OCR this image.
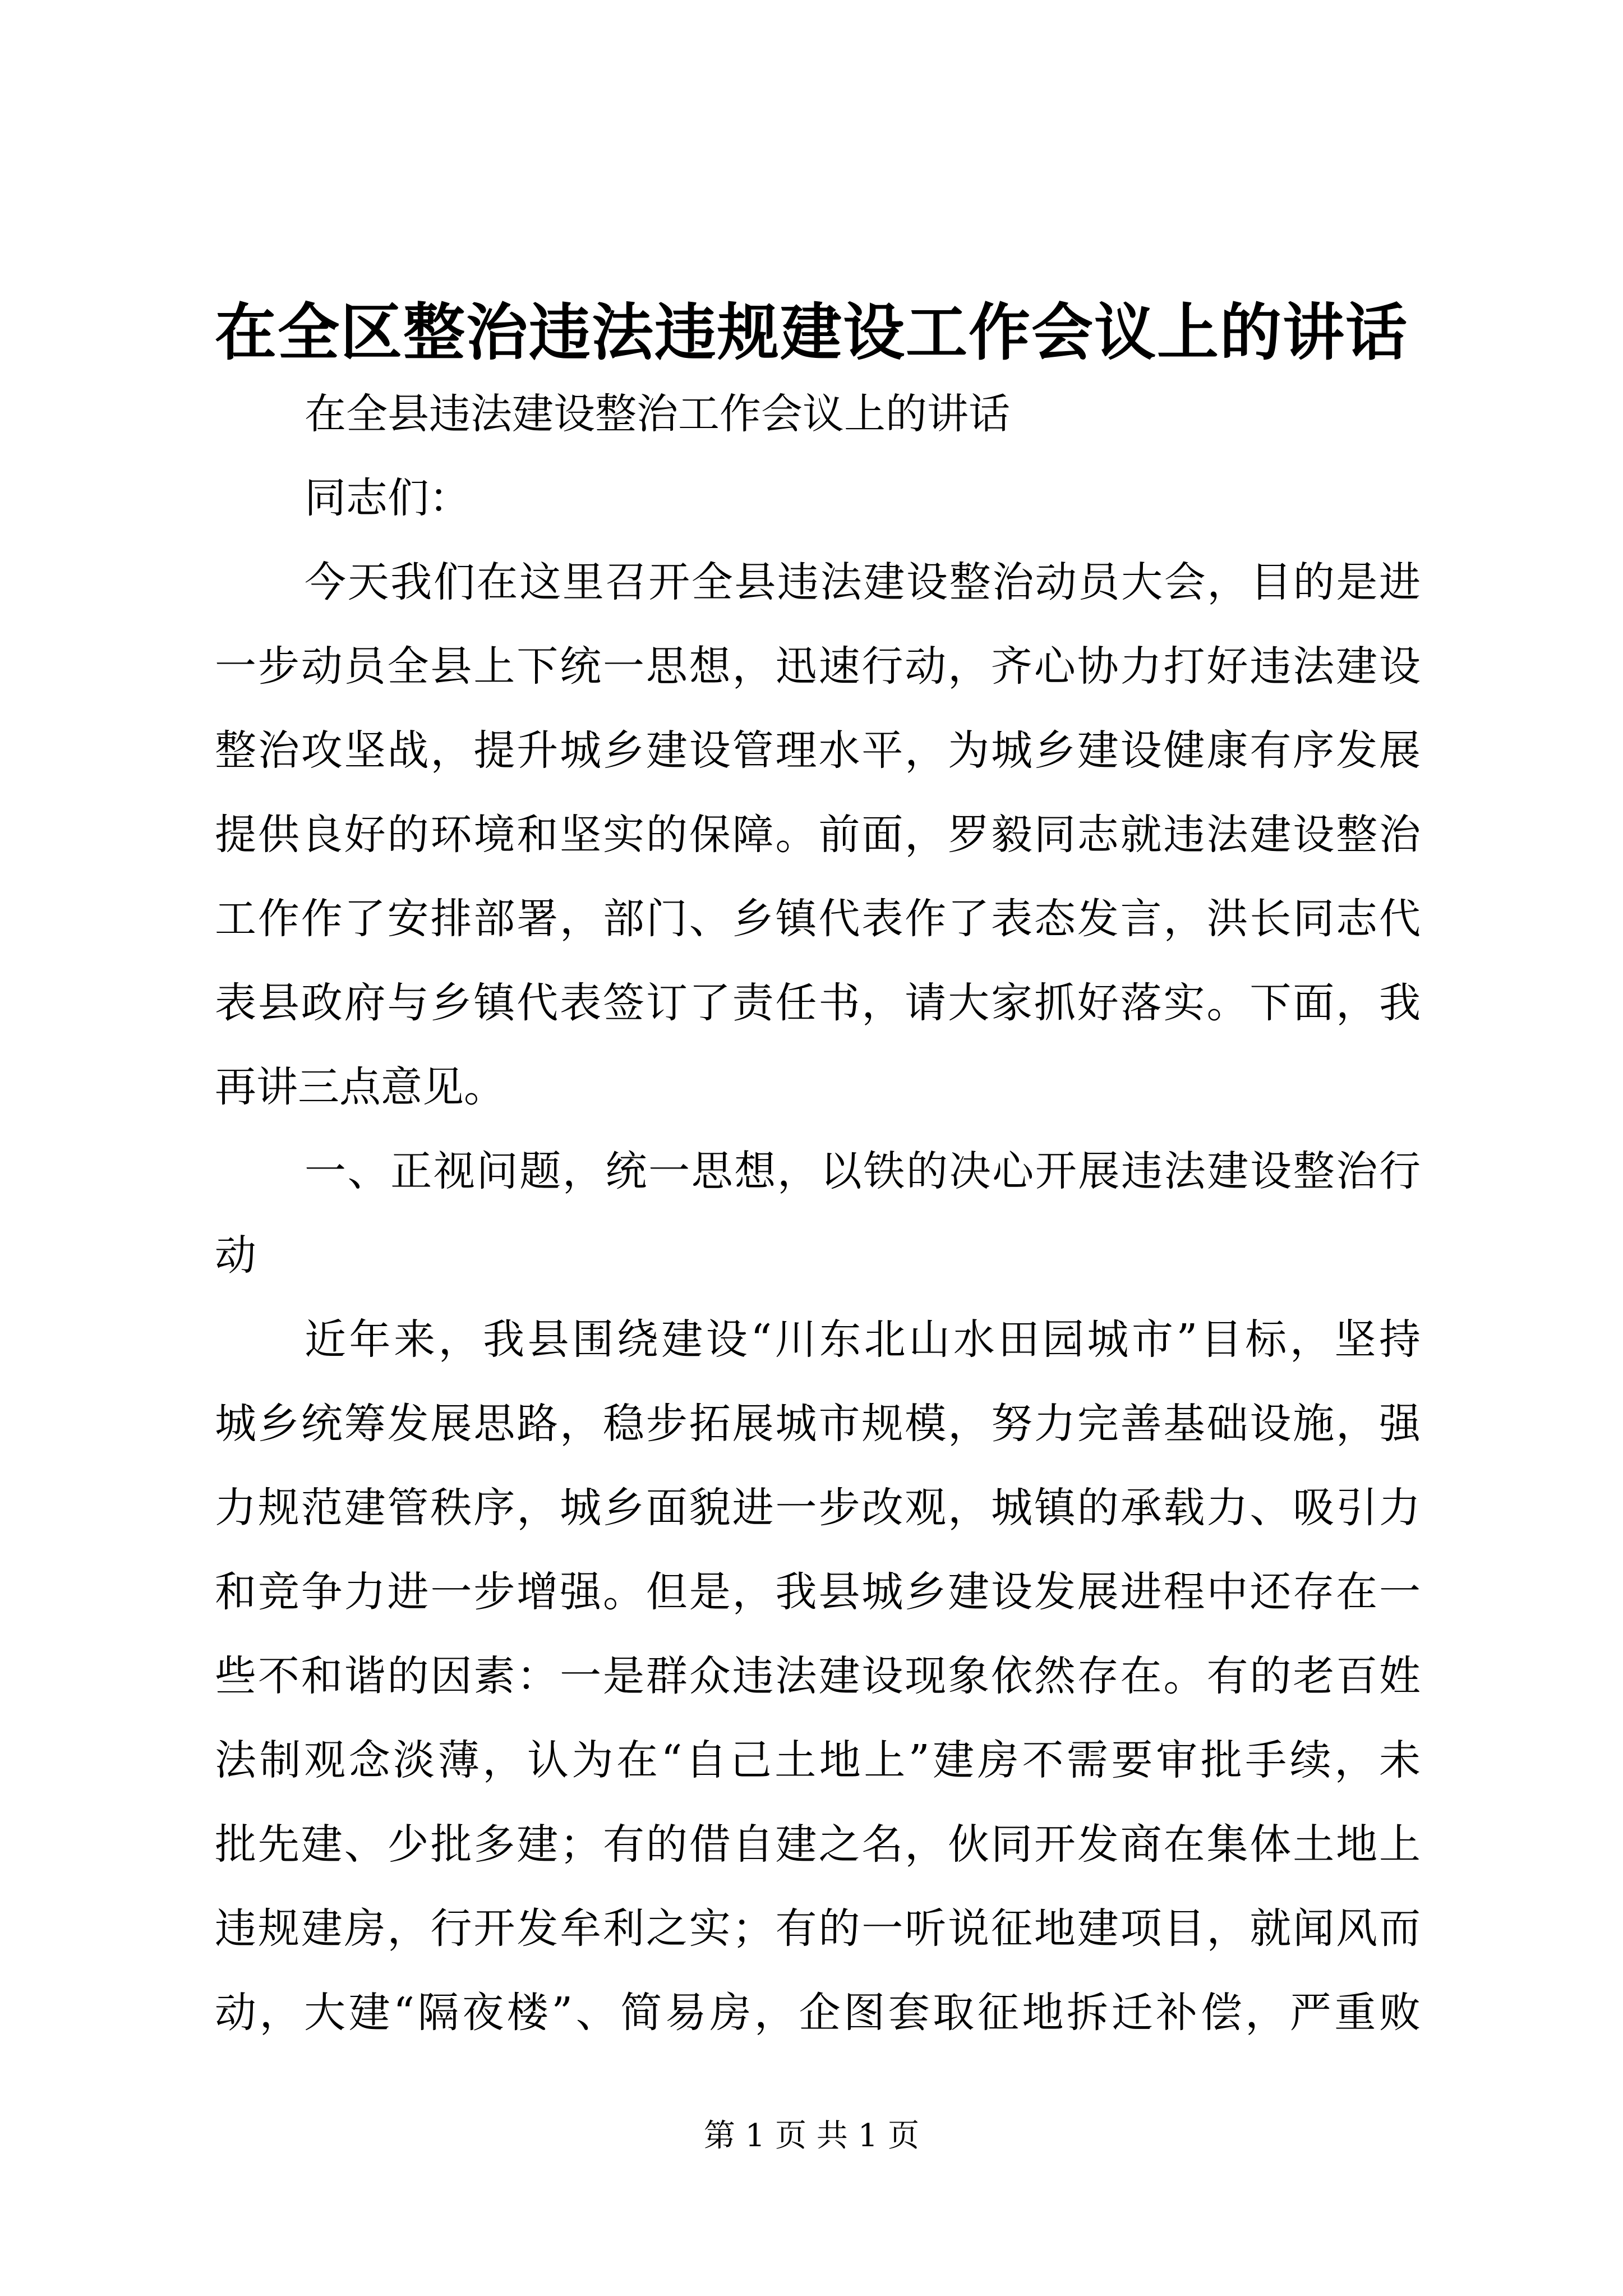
在全区整治违法违规建设工作会议上的讲话

在全县违法建设整治工作会议上的讲话

同志们：

今天我们在这里召开全县违法建设整治动员大会，目的是进

一步动员全县上下统一思想，迅速行动，齐心协力打好违法建设

整治攻坚战，提升城乡建设管理水平，为城乡建设健康有序发展

提供良好的环境和坚实的保障。前面，罗毅同志就违法建设整治

工作作了安排部署，部门、乡镇代表作了表态发言，洪长同志代

表县政府与乡镇代表签订了责任书，请大家抓好落实。下面，我

再讲三点意见。

一、正视问题，统一思想，以铁的决心开展违法建设整治行

动

近年来，我县围绕建设“川东北山水田园城市”目标，坚持

城乡统筹发展思路，稳步拓展城市规模，努力完善基础设施，强

力规范建管秩序，城乡面貌进一步改观，城镇的承载力、吸引力

和竞争力进一步增强。但是，我县城乡建设发展进程中还存在一

些不和谐的因素：一是群众违法建设现象依然存在。有的老百姓

法制观念淡薄，认为在“自己土地上”建房不需要审批手续，未

批先建、少批多建；有的借自建之名，伙同开发商在集体土地上

违规建房，行开发牟利之实；有的一听说征地建项目，就闻风而

动，大建“隔夜楼”、简易房，企图套取征地拆迁补偿，严重败

第 1 页 共 1 页
